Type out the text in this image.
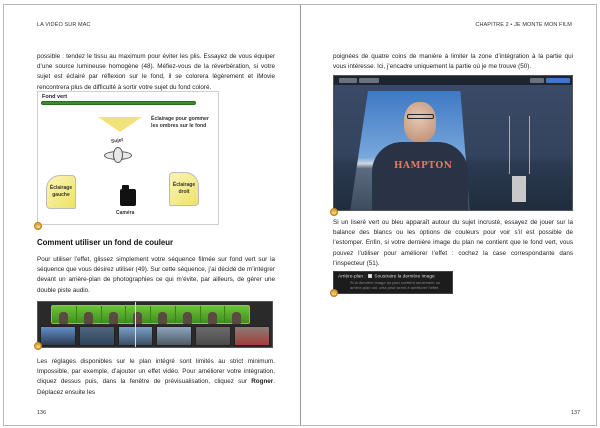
LA VIDÉO SUR MAC

possible : tendez le tissu au maximum pour éviter les plis. Essayez de vous équiper d’une source lumineuse homogène (48). Méfiez-vous de la réverbération, si votre sujet est éclairé par réflexion sur le fond, il se colorera légèrement et iMovie rencontrera plus de difficulté à sortir votre sujet du fond coloré.

Fond vert
Éclairage pour gommer
les ombres sur le fond
Sujet
Éclairage
gauche
Éclairage
droit
Caméra
48
Comment utiliser un fond de couleur

Pour utiliser l’effet, glissez simplement votre séquence filmée sur fond vert sur la séquence que vous désirez utiliser (49). Sur cette séquence, j’ai décidé de m’intégrer devant un arrière-plan de photographies ce qui m’évite, par ailleurs, de gérer une double piste audio.

49

Les réglages disponibles sur le plan intégré sont limités au strict minimum. Impossible, par exemple, d’ajouter un effet vidéo. Pour améliorer votre intégration, cliquez dessus puis, dans la fenêtre de prévisualisation, cliquez sur Rogner. Déplacez ensuite les

136
CHAPITRE 2 • JE MONTE MON FILM

poignées de quatre coins de manière à limiter la zone d’intégration à la partie qui vous intéresse. Ici, j’encadre uniquement la partie où je me trouve (50).

HAMPTON
50

Si un liseré vert ou bleu apparaît autour du sujet incrusté, essayez de jouer sur la balance des blancs ou les options de couleurs pour voir s’il est possible de l’estomper. Enfin, si votre dernière image du plan ne contient que le fond vert, vous pouvez l’utiliser pour améliorer l’effet : cochez la case correspondante dans l’inspecteur (51).

Arrière-plan : Soustraire la dernière image
Si la dernière image du plan contient seulement un
arrière-plan uni, cela peut servir à améliorer l’effet.
51
137
